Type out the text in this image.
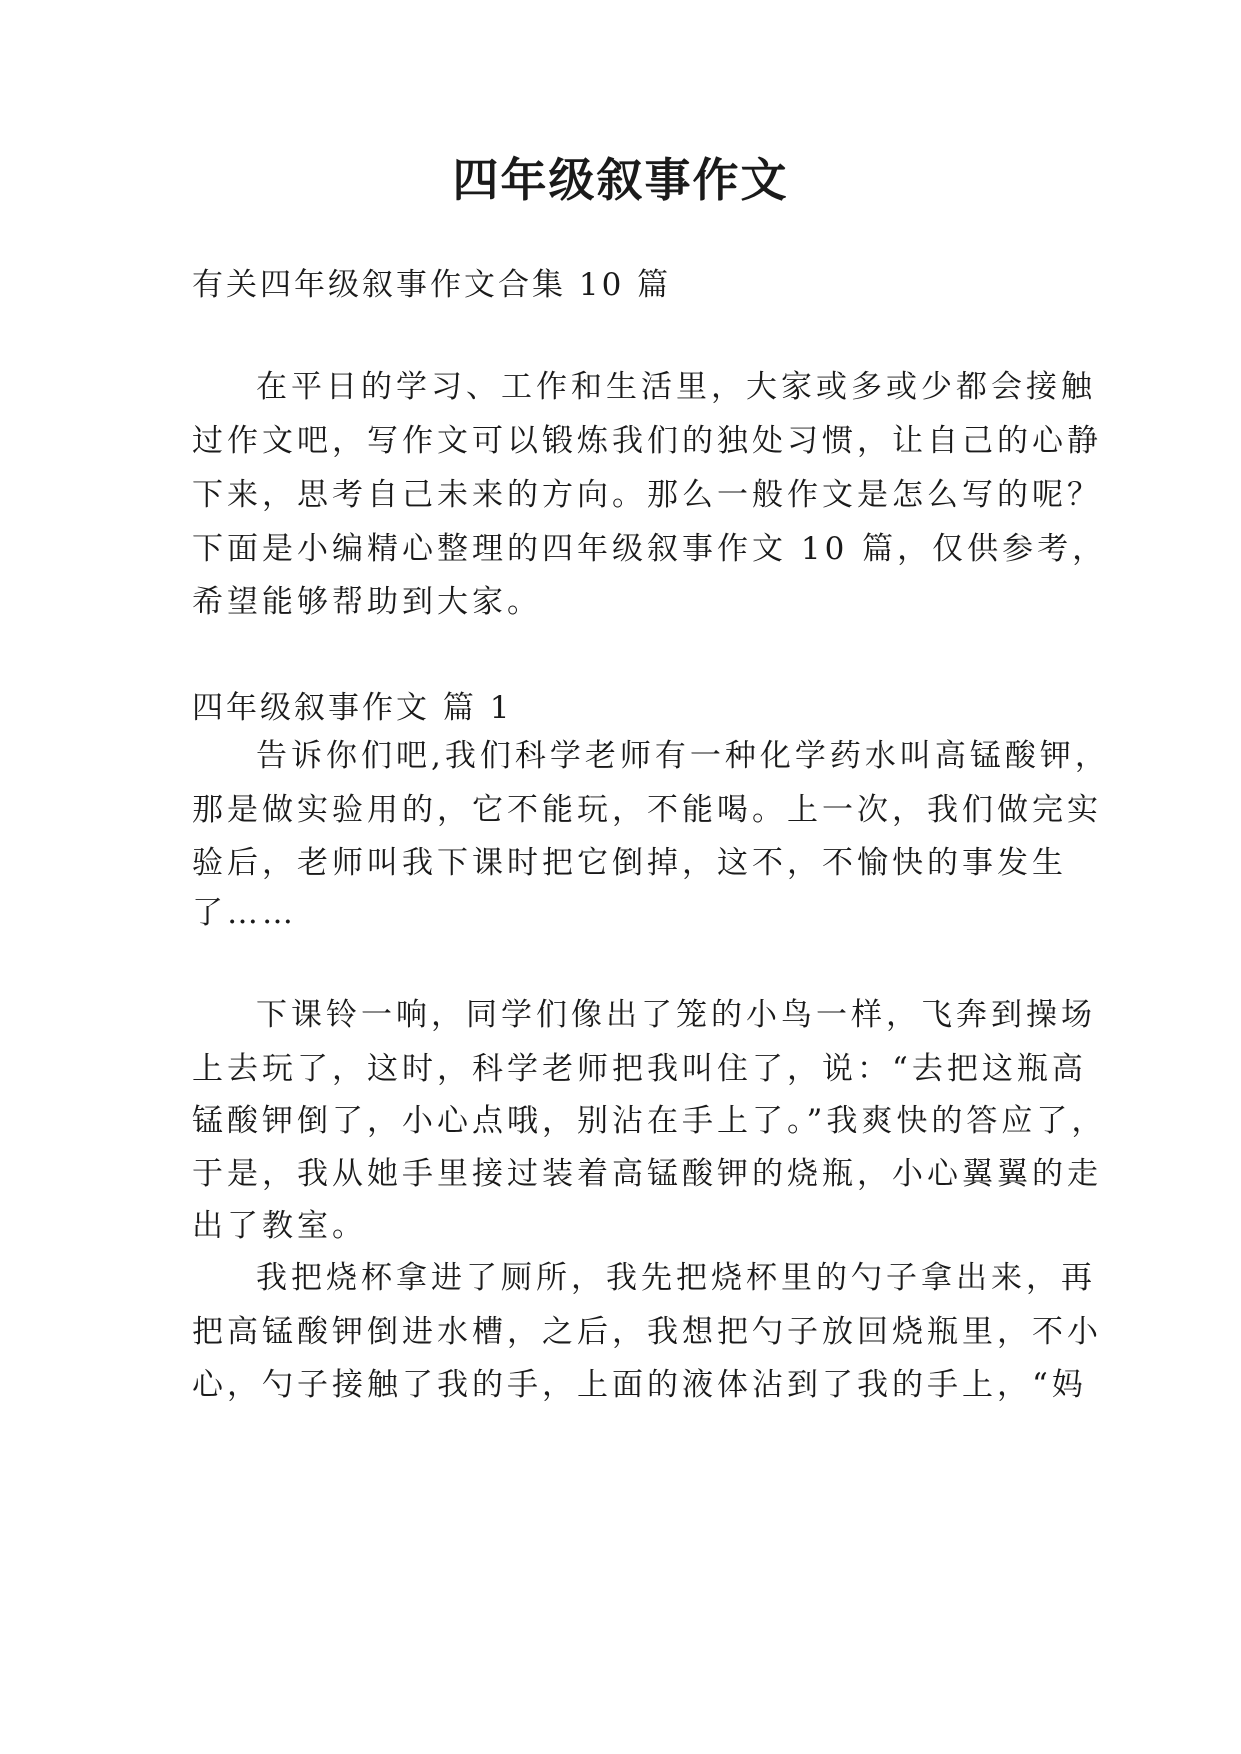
四年级叙事作文
有关四年级叙事作文合集 10 篇
在平日的学习、工作和生活里，大家或多或少都会接触
过作文吧，写作文可以锻炼我们的独处习惯，让自己的心静
下来，思考自己未来的方向。那么一般作文是怎么写的呢？
下面是小编精心整理的四年级叙事作文 10 篇，仅供参考，
希望能够帮助到大家。
四年级叙事作文 篇 1
告诉你们吧,我们科学老师有一种化学药水叫高锰酸钾，
那是做实验用的，它不能玩，不能喝。上一次，我们做完实
验后，老师叫我下课时把它倒掉，这不，不愉快的事发生
了……
下课铃一响，同学们像出了笼的小鸟一样，飞奔到操场
上去玩了，这时，科学老师把我叫住了，说：“去把这瓶高
锰酸钾倒了，小心点哦，别沾在手上了。”我爽快的答应了，
于是，我从她手里接过装着高锰酸钾的烧瓶，小心翼翼的走
出了教室。
我把烧杯拿进了厕所，我先把烧杯里的勺子拿出来，再
把高锰酸钾倒进水槽，之后，我想把勺子放回烧瓶里，不小
心，勺子接触了我的手，上面的液体沾到了我的手上，“妈
